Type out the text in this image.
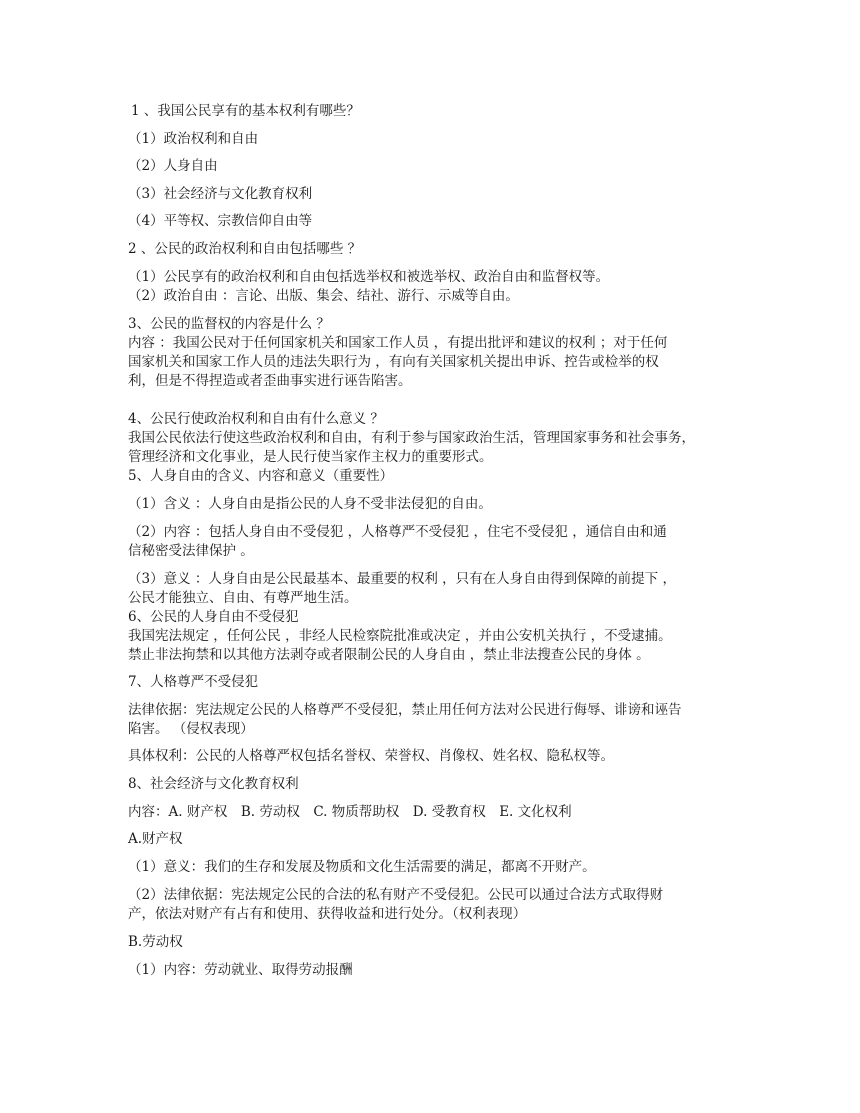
1 、我国公民享有的基本权利有哪些？
（1）政治权利和自由
（2）人身自由
（3）社会经济与文化教育权利
（4）平等权、宗教信仰自由等
2 、公民的政治权利和自由包括哪些 ？
（1）公民享有的政治权利和自由包括选举权和被选举权、政治自由和监督权等。
（2）政治自由 ：言论、出版、集会、结社、游行、示威等自由。
3、公民的监督权的内容是什么 ？
内容 ：我国公民对于任何国家机关和国家工作人员 ，有提出批评和建议的权利 ；对于任何
国家机关和国家工作人员的违法失职行为 ，有向有关国家机关提出申诉、控告或检举的权
利，但是不得捏造或者歪曲事实进行诬告陷害。
4、公民行使政治权利和自由有什么意义 ？
我国公民依法行使这些政治权利和自由，有利于参与国家政治生活，管理国家事务和社会事务，
管理经济和文化事业，是人民行使当家作主权力的重要形式。
5、人身自由的含义、内容和意义（重要性）
（1）含义 ：人身自由是指公民的人身不受非法侵犯的自由。
（2）内容 ：包括人身自由不受侵犯 ，人格尊严不受侵犯 ，住宅不受侵犯 ，通信自由和通
信秘密受法律保护 。
（3）意义 ：人身自由是公民最基本、最重要的权利 ，只有在人身自由得到保障的前提下 ，
公民才能独立、自由、有尊严地生活。
6、公民的人身自由不受侵犯
我国宪法规定 ，任何公民 ，非经人民检察院批准或决定 ，并由公安机关执行 ，不受逮捕。
禁止非法拘禁和以其他方法剥夺或者限制公民的人身自由 ，禁止非法搜查公民的身体 。
7、人格尊严不受侵犯
法律依据：宪法规定公民的人格尊严不受侵犯，禁止用任何方法对公民进行侮辱、诽谤和诬告
陷害。 （侵权表现）
具体权利：公民的人格尊严权包括名誉权、荣誉权、肖像权、姓名权、隐私权等。
8、社会经济与文化教育权利
内容：A. 财产权　B. 劳动权　C. 物质帮助权　D. 受教育权　E. 文化权利
A.财产权
（1）意义：我们的生存和发展及物质和文化生活需要的满足，都离不开财产。
（2）法律依据：宪法规定公民的合法的私有财产不受侵犯。公民可以通过合法方式取得财
产，依法对财产有占有和使用、获得收益和进行处分。（权利表现）
B.劳动权
（1）内容：劳动就业、取得劳动报酬
